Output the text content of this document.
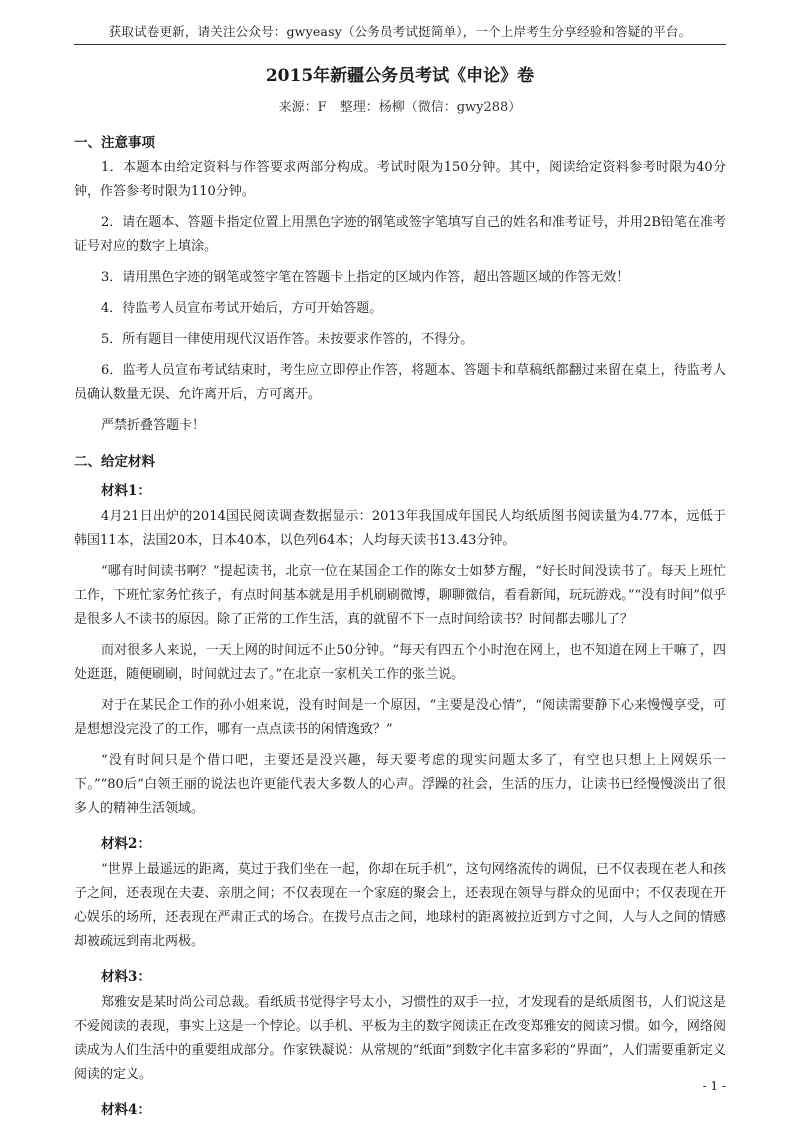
获取试卷更新，请关注公众号：gwyeasy（公务员考试挺简单），一个上岸考生分享经验和答疑的平台。

2015年新疆公务员考试《申论》卷

来源：F　整理：杨柳（微信：gwy288）

一、注意事项

1．本题本由给定资料与作答要求两部分构成。考试时限为150分钟。其中，阅读给定资料参考时限为40分钟，作答参考时限为110分钟。

2．请在题本、答题卡指定位置上用黑色字迹的钢笔或签字笔填写自己的姓名和准考证号，并用2B铅笔在准考证号对应的数字上填涂。

3．请用黑色字迹的钢笔或签字笔在答题卡上指定的区域内作答，超出答题区域的作答无效！

4．待监考人员宣布考试开始后，方可开始答题。

5．所有题目一律使用现代汉语作答。未按要求作答的，不得分。

6．监考人员宣布考试结束时，考生应立即停止作答，将题本、答题卡和草稿纸都翻过来留在桌上，待监考人员确认数量无误、允许离开后，方可离开。

严禁折叠答题卡！

二、给定材料

材料1：

4月21日出炉的2014国民阅读调查数据显示：2013年我国成年国民人均纸质图书阅读量为4.77本，远低于韩国11本，法国20本，日本40本，以色列64本；人均每天读书13.43分钟。

“哪有时间读书啊？”提起读书，北京一位在某国企工作的陈女士如梦方醒，“好长时间没读书了。每天上班忙工作，下班忙家务忙孩子，有点时间基本就是用手机刷刷微博，聊聊微信，看看新闻，玩玩游戏。”“没有时间”似乎是很多人不读书的原因。除了正常的工作生活，真的就留不下一点时间给读书？时间都去哪儿了？

而对很多人来说，一天上网的时间远不止50分钟。“每天有四五个小时泡在网上，也不知道在网上干嘛了，四处逛逛，随便刷刷，时间就过去了。”在北京一家机关工作的张兰说。

对于在某民企工作的孙小姐来说，没有时间是一个原因，“主要是没心情”，“阅读需要静下心来慢慢享受，可是想想没完没了的工作，哪有一点点读书的闲情逸致？”

“没有时间只是个借口吧，主要还是没兴趣，每天要考虑的现实问题太多了，有空也只想上上网娱乐一下。”“80后”白领王丽的说法也许更能代表大多数人的心声。浮躁的社会，生活的压力，让读书已经慢慢淡出了很多人的精神生活领域。

材料2：

“世界上最遥远的距离，莫过于我们坐在一起，你却在玩手机”，这句网络流传的调侃，已不仅表现在老人和孩子之间，还表现在夫妻、亲朋之间；不仅表现在一个家庭的聚会上，还表现在领导与群众的见面中；不仅表现在开心娱乐的场所，还表现在严肃正式的场合。在拨号点击之间，地球村的距离被拉近到方寸之间，人与人之间的情感却被疏远到南北两极。

材料3：

郑雅安是某时尚公司总裁。看纸质书觉得字号太小，习惯性的双手一拉，才发现看的是纸质图书，人们说这是不爱阅读的表现，事实上这是一个悖论。以手机、平板为主的数字阅读正在改变郑雅安的阅读习惯。如今，网络阅读成为人们生活中的重要组成部分。作家铁凝说：从常规的“纸面”到数字化丰富多彩的“界面”，人们需要重新定义阅读的定义。

材料4：

- 1 -
